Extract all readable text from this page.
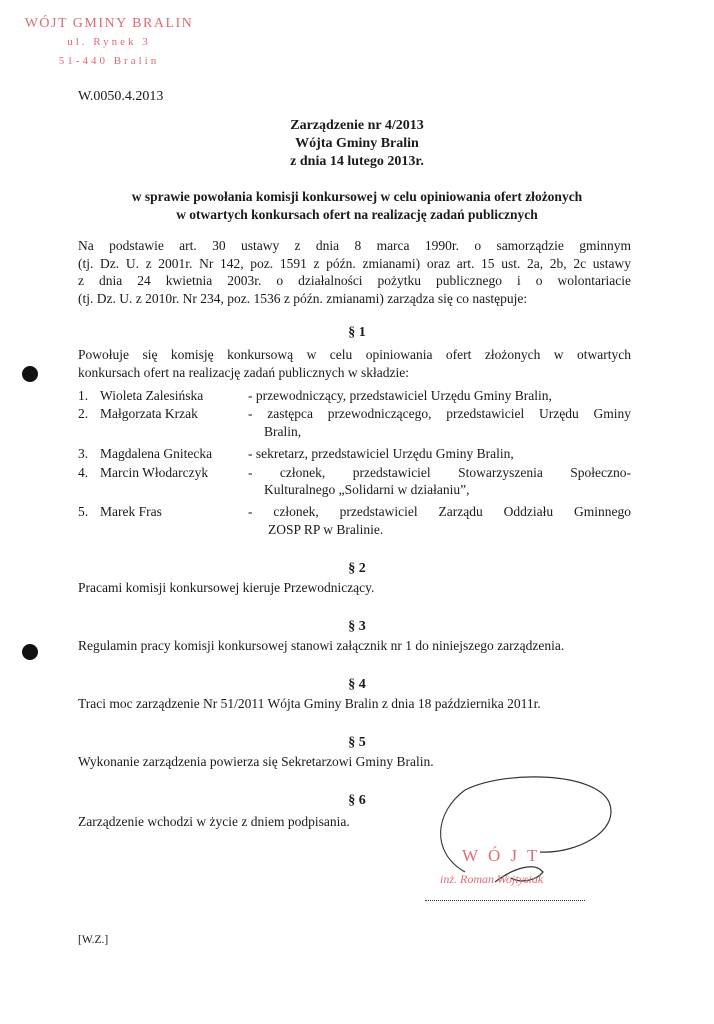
WÓJT GMINY BRALIN
ul. Rynek 3
51-440 Bralin
W.0050.4.2013
Zarządzenie nr 4/2013
Wójta Gminy Bralin
z dnia 14 lutego 2013r.
w sprawie powołania komisji konkursowej w celu opiniowania ofert złożonych
w otwartych konkursach ofert na realizację zadań publicznych
Na podstawie art. 30 ustawy z dnia 8 marca 1990r. o samorządzie gminnym
(tj. Dz. U. z 2001r. Nr 142, poz. 1591 z późn. zmianami) oraz art. 15 ust. 2a, 2b, 2c ustawy
z dnia 24 kwietnia 2003r. o działalności pożytku publicznego i o wolontariacie
(tj. Dz. U. z 2010r. Nr 234, poz. 1536 z późn. zmianami) zarządza się co następuje:
§ 1
Powołuje się komisję konkursową w celu opiniowania ofert złożonych w otwartych
konkursach ofert na realizację zadań publicznych w składzie:
1. Wioleta Zalesińska	- przewodniczący, przedstawiciel Urzędu Gminy Bralin,
2. Małgorzata Krzak	- zastępca przewodniczącego, przedstawiciel Urzędu Gminy
Bralin,
3. Magdalena Gnitecka	- sekretarz, przedstawiciel Urzędu Gminy Bralin,
4. Marcin Włodarczyk	- członek, przedstawiciel Stowarzyszenia Społeczno-
Kulturalnego „Solidarni w działaniu”,
5. Marek Fras	- członek, przedstawiciel Zarządu Oddziału Gminnego
ZOSP RP w Bralinie.
§ 2
Pracami komisji konkursowej kieruje Przewodniczący.
§ 3
Regulamin pracy komisji konkursowej stanowi załącznik nr 1 do niniejszego zarządzenia.
§ 4
Traci moc zarządzenie Nr 51/2011 Wójta Gminy Bralin z dnia 18 października 2011r.
§ 5
Wykonanie zarządzenia powierza się Sekretarzowi Gminy Bralin.
§ 6
Zarządzenie wchodzi w życie z dniem podpisania.
WÓJT
inż. Roman Wojtysiak
[W.Z.]
